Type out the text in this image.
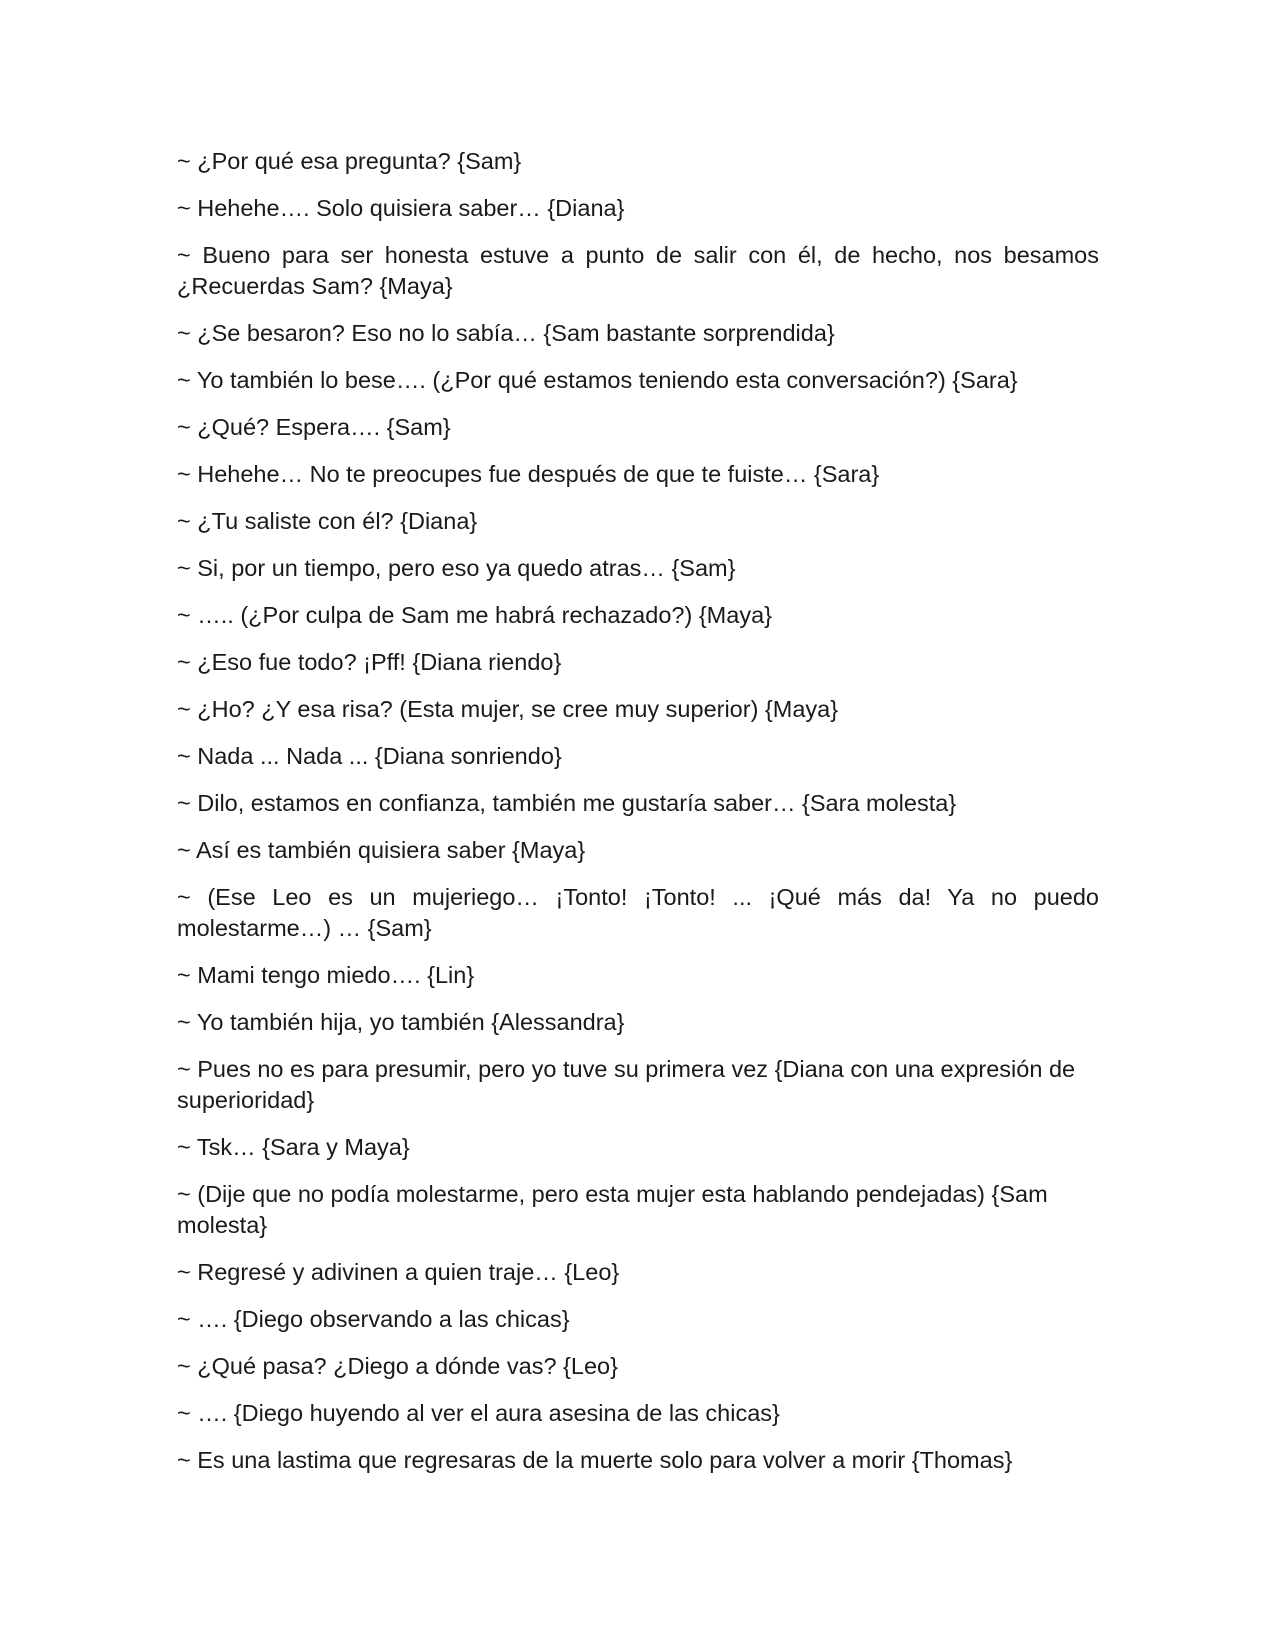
~ ¿Por qué esa pregunta? {Sam}

~ Hehehe…. Solo quisiera saber… {Diana}

~ Bueno para ser honesta estuve a punto de salir con él, de hecho, nos besamos ¿Recuerdas Sam? {Maya}

~ ¿Se besaron? Eso no lo sabía… {Sam bastante sorprendida}

~ Yo también lo bese…. (¿Por qué estamos teniendo esta conversación?) {Sara}

~ ¿Qué? Espera…. {Sam}

~ Hehehe… No te preocupes fue después de que te fuiste… {Sara}

~ ¿Tu saliste con él? {Diana}

~ Si, por un tiempo, pero eso ya quedo atras… {Sam}

~ ….. (¿Por culpa de Sam me habrá rechazado?) {Maya}

~ ¿Eso fue todo? ¡Pff! {Diana riendo}

~ ¿Ho? ¿Y esa risa? (Esta mujer, se cree muy superior) {Maya}

~ Nada ... Nada ... {Diana sonriendo}

~ Dilo, estamos en confianza, también me gustaría saber… {Sara molesta}

~ Así es también quisiera saber {Maya}

~ (Ese Leo es un mujeriego… ¡Tonto! ¡Tonto! ... ¡Qué más da! Ya no puedo molestarme…) … {Sam}

~ Mami tengo miedo…. {Lin}

~ Yo también hija, yo también {Alessandra}

~ Pues no es para presumir, pero yo tuve su primera vez {Diana con una expresión de superioridad}

~ Tsk… {Sara y Maya}

~ (Dije que no podía molestarme, pero esta mujer esta hablando pendejadas) {Sam molesta}

~ Regresé y adivinen a quien traje… {Leo}

~ …. {Diego observando a las chicas}

~ ¿Qué pasa? ¿Diego a dónde vas? {Leo}

~ …. {Diego huyendo al ver el aura asesina de las chicas}

~ Es una lastima que regresaras de la muerte solo para volver a morir {Thomas}
